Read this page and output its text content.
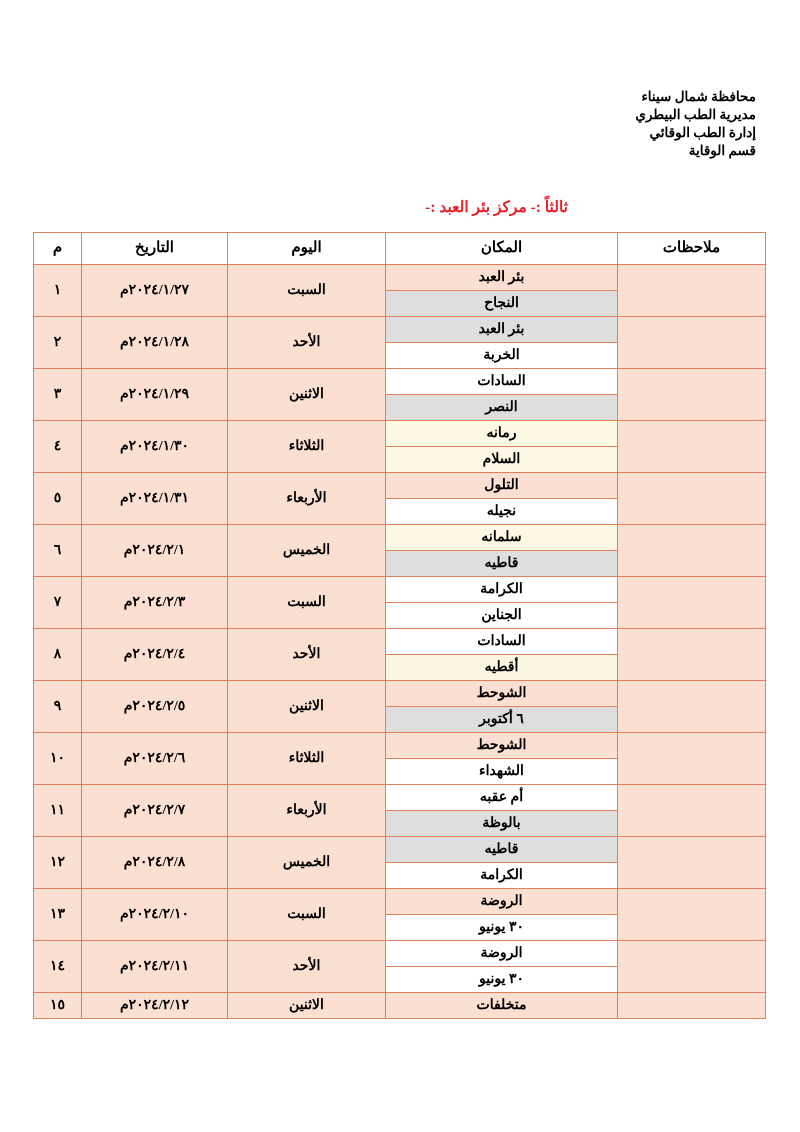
محافظة شمال سيناء
مديرية الطب البيطري
إدارة الطب الوقائي
قسم الوقاية
ثالثاً :- مركز بئر العبد :-
ملاحظات	المكان	اليوم	التاريخ	م
	بئر العبد	السبت	٢٠٢٤/١/٢٧م	١
	النجاح			
	بئر العبد	الأحد	٢٠٢٤/١/٢٨م	٢
	الخربة			
	السادات	الاثنين	٢٠٢٤/١/٢٩م	٣
	النصر			
	رمانه	الثلاثاء	٢٠٢٤/١/٣٠م	٤
	السلام			
	التلول	الأربعاء	٢٠٢٤/١/٣١م	٥
	نجيله			
	سلمانه	الخميس	٢٠٢٤/٢/١م	٦
	قاطيه			
	الكرامة	السبت	٢٠٢٤/٢/٣م	٧
	الجناين			
	السادات	الأحد	٢٠٢٤/٢/٤م	٨
	أقطيه			
	الشوحط	الاثنين	٢٠٢٤/٢/٥م	٩
	٦ أكتوبر			
	الشوحط	الثلاثاء	٢٠٢٤/٢/٦م	١٠
	الشهداء			
	أم عقبه	الأربعاء	٢٠٢٤/٢/٧م	١١
	بالوظة			
	قاطيه	الخميس	٢٠٢٤/٢/٨م	١٢
	الكرامة			
	الروضة	السبت	٢٠٢٤/٢/١٠م	١٣
	٣٠ يونيو			
	الروضة	الأحد	٢٠٢٤/٢/١١م	١٤
	٣٠ يونيو			
	متخلفات	الاثنين	٢٠٢٤/٢/١٢م	١٥
